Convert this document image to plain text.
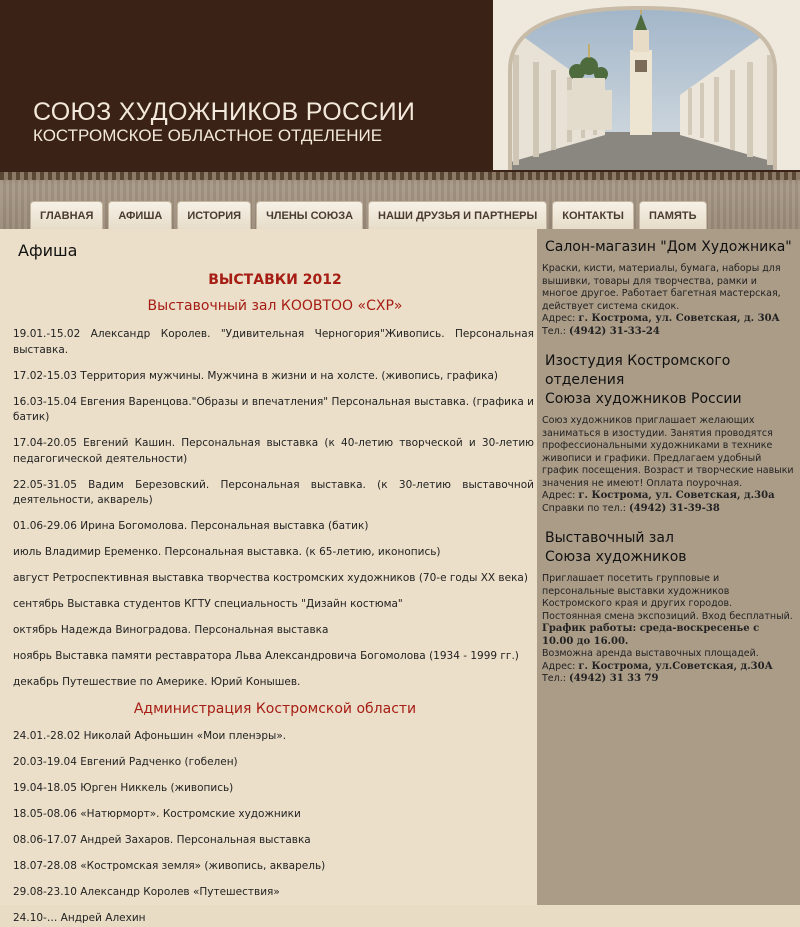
СОЮЗ ХУДОЖНИКОВ РОССИИ
КОСТРОМСКОЕ ОБЛАСТНОЕ ОТДЕЛЕНИЕ
ГЛАВНАЯ	АФИША	ИСТОРИЯ	ЧЛЕНЫ СОЮЗА	НАШИ ДРУЗЬЯ И ПАРТНЕРЫ	КОНТАКТЫ	ПАМЯТЬ
Афиша
ВЫСТАВКИ 2012
Выставочный зал КООВТОО «СХР»
19.01.-15.02 Александр Королев. "Удивительная Черногория"Живопись. Персональная выставка.
17.02-15.03 Территория мужчины. Мужчина в жизни и на холсте. (живопись, графика)
16.03-15.04 Евгения Варенцова."Образы и впечатления" Персональная выставка. (графика и батик)
17.04-20.05 Евгений Кашин. Персональная выставка (к 40-летию творческой и 30-летию педагогической деятельности)
22.05-31.05 Вадим Березовский. Персональная выставка. (к 30-летию выставочной деятельности, акварель)
01.06-29.06 Ирина Богомолова. Персональная выставка (батик)
июль Владимир Еременко. Персональная выставка. (к 65-летию, иконопись)
август Ретроспективная выставка творчества костромских художников (70-е годы XX века)
сентябрь Выставка студентов КГТУ специальность "Дизайн костюма"
октябрь Надежда Виноградова. Персональная выставка
ноябрь Выставка памяти реставратора Льва Александровича Богомолова (1934 - 1999 гг.)
декабрь Путешествие по Америке. Юрий Конышев.
Администрация Костромской области
24.01.-28.02 Николай Афоньшин «Мои пленэры».
20.03-19.04 Евгений Радченко (гобелен)
19.04-18.05 Юрген Никкель (живопись)
18.05-08.06 «Натюрморт». Костромские художники
08.06-17.07 Андрей Захаров. Персональная выставка
18.07-28.08 «Костромская земля» (живопись, акварель)
29.08-23.10 Александр Королев «Путешествия»
24.10-… Андрей Алехин
Салон-магазин "Дом Художника"
Краски, кисти, материалы, бумага, наборы для вышивки, товары для творчества, рамки и многое другое. Работает багетная мастерская, действует система скидок.
Адрес: г. Кострома, ул. Советская, д. 30А
Тел.: (4942) 31-33-24
Изостудия Костромского отделения
Союза художников России
Союз художников приглашает желающих заниматься в изостудии. Занятия проводятся профессиональными художниками в технике живописи и графики. Предлагаем удобный график посещения. Возраст и творческие навыки значения не имеют! Оплата поурочная.
Адрес: г. Кострома, ул. Советская, д.30а
Справки по тел.: (4942) 31-39-38
Выставочный зал
Союза художников
Приглашает посетить групповые и персональные выставки художников Костромского края и других городов. Постоянная смена экспозиций. Вход бесплатный.
График работы: среда-воскресенье с 10.00 до 16.00.
Возможна аренда выставочных площадей.
Адрес: г. Кострома, ул.Советская, д.30А
Тел.: (4942) 31 33 79
